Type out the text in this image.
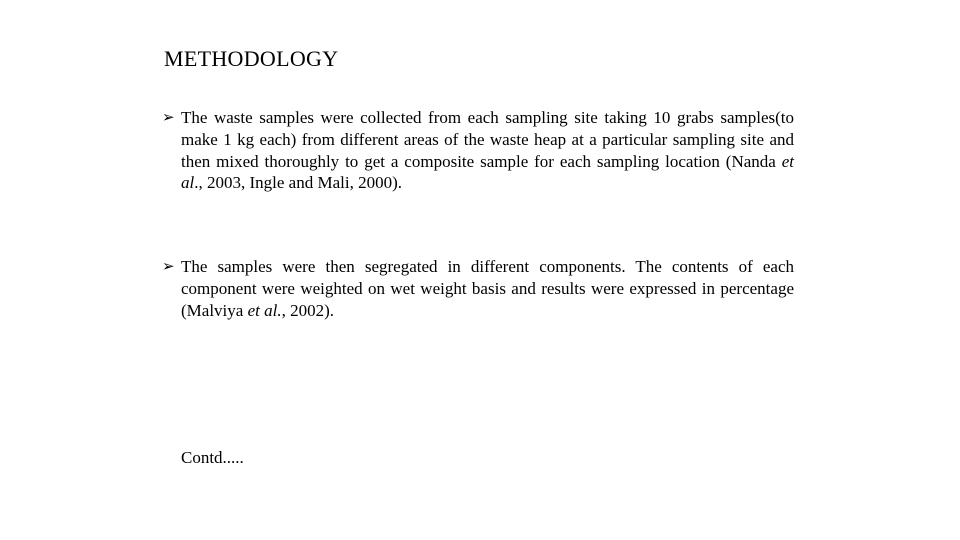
METHODOLOGY
➢ The waste samples were collected from each sampling site taking 10 grabs samples(to make 1 kg each) from different areas of the waste heap at a particular sampling site and then mixed thoroughly to get a composite sample for each sampling location (Nanda et al., 2003, Ingle and Mali, 2000).
➢ The samples were then segregated in different components. The contents of each component were weighted on wet weight basis and results were expressed in percentage (Malviya et al., 2002).
Contd.....
